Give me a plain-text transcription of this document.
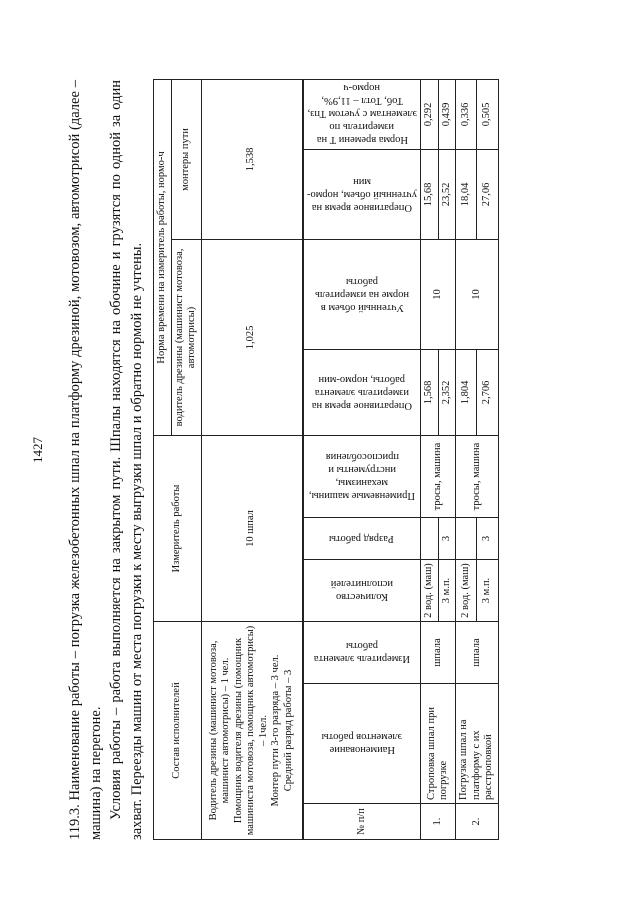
1427 119.3. Наименование работы – погрузка железобетонных шпал на платформу дрезиной, мотовозом, автомотрисой (далее – машина) на перегоне. Условия работы – работа выполняется на закрытом пути. Шпалы находятся на обочине и грузятся по одной за один захват. Переезды машин от места погрузки к месту выгрузки шпал и обратно нормой не учтены.	Состав исполнителей			Измеритель работы			Норма времени на измеритель работы, нормо-ч			
						водитель дрезины (машинист мотовоза, автомотрисы)		монтеры пути	

Водитель дрезины (машинист мотовоза, машинист автомотрисы) – 1 чел. Помощник водителя дрезины (помощник машиниста мотовоза, помощник автомотрисы) – 1чел. Монтер пути 3-го разряда – 3 чел. Средний разряд работы – 3			10 шпал			1,025		1,538	

№ п/п	Наименование элементов работы	Измеритель элемента работы	Количество исполнителей	Разряд работы	Применяемые машины, механизмы, инструменты и приспособления	Оперативное время на измеритель элемента работы, нормо-мин	Учтенный объем в норме на измеритель работы	Оперативное время на учтенный объем, нормо-мин	Норма времени Т на измеритель по элементам с учетом Тпз, Тоб, Тотл – 11,9%, нормо-ч

1.	Строповка шпал при погрузке	шпала	2 вод. (маш)		тросы, машина	1,568	10	15,68	0,292
			3 м.п.	3		2,352		23,52	0,439
2.	Погрузка шпал на платформу с их расстроповкой	шпала	2 вод. (маш)		тросы, машина	1,804	10	18,04	0,336
			3 м.п.	3		2,706		27,06	0,505
